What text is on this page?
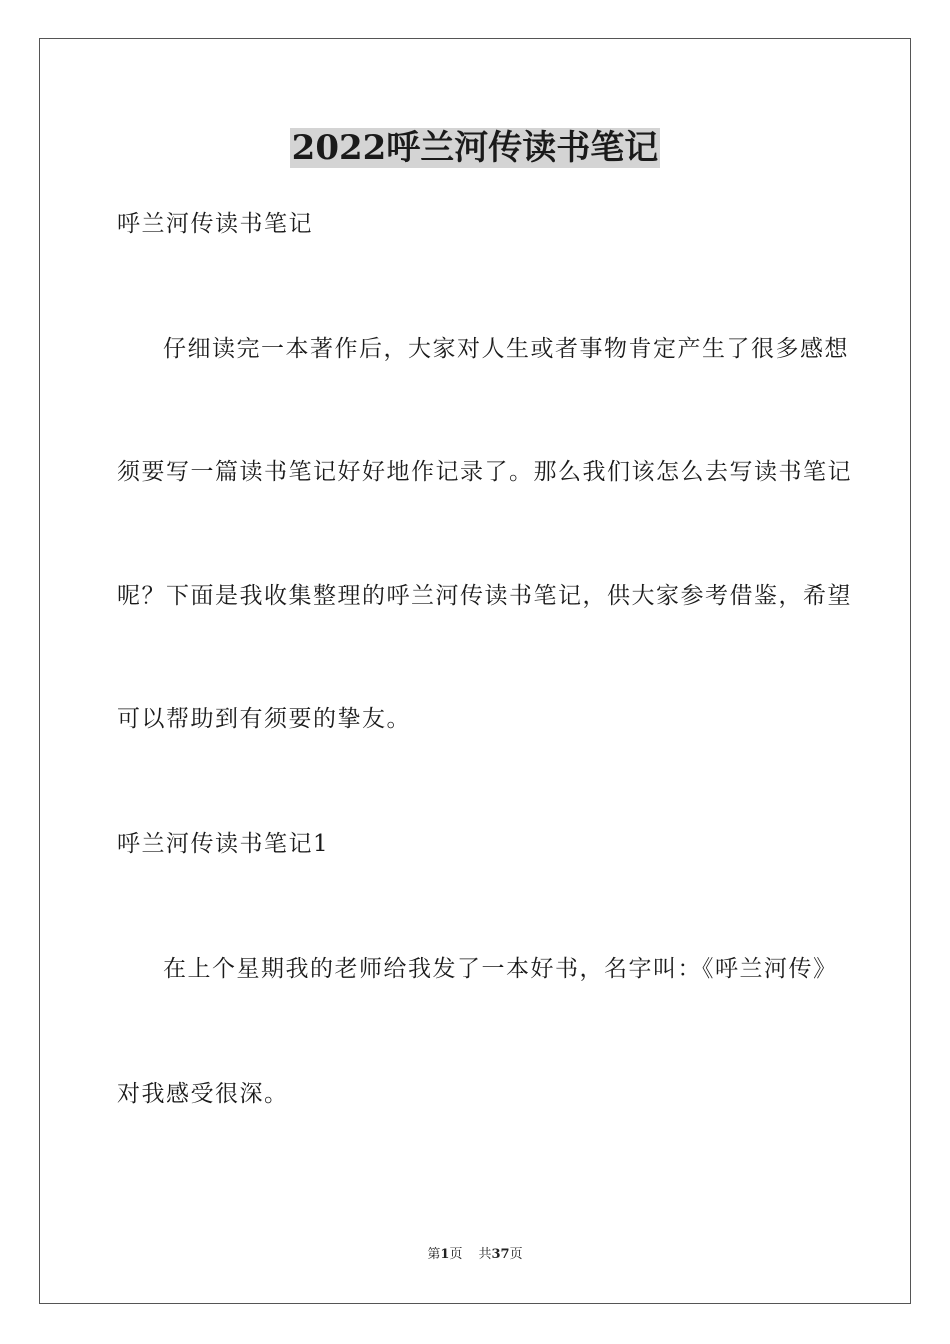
2022呼兰河传读书笔记
呼兰河传读书笔记
仔细读完一本著作后，大家对人生或者事物肯定产生了很多感想
须要写一篇读书笔记好好地作记录了。那么我们该怎么去写读书笔记
呢？下面是我收集整理的呼兰河传读书笔记，供大家参考借鉴，希望
可以帮助到有须要的挚友。
呼兰河传读书笔记1
在上个星期我的老师给我发了一本好书，名字叫：《呼兰河传》
对我感受很深。
第1页 共37页
